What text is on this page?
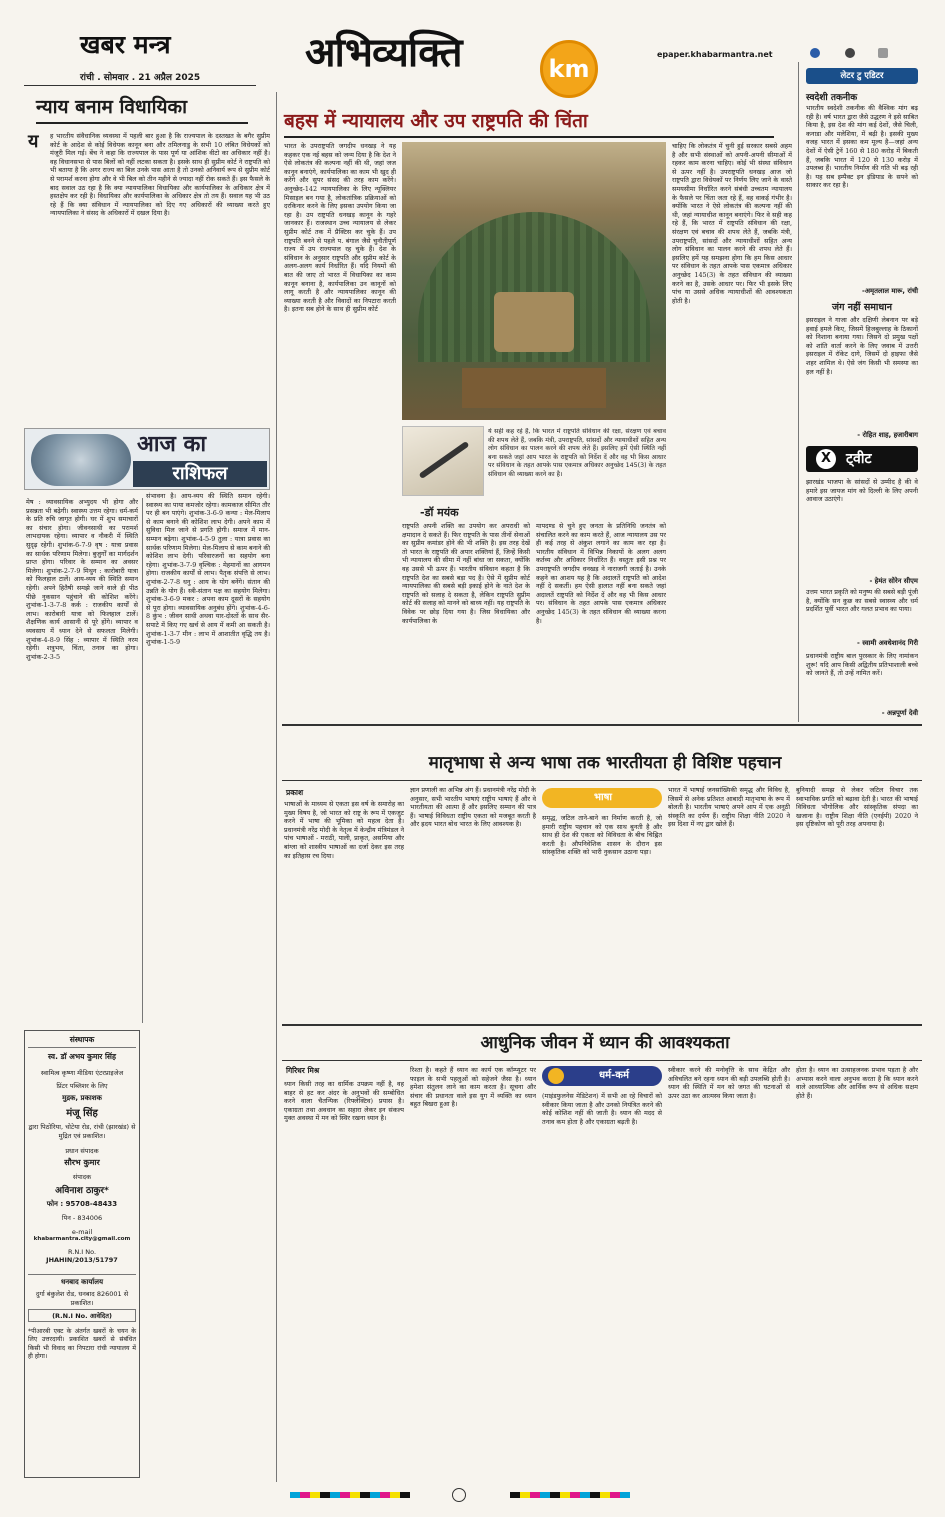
खबर मन्त्र
रांची . सोमवार . 21 अप्रैल 2025
अभिव्यक्ति	km
epaper.khabarmantra.net
न्याय बनाम विधायिका
य	ह भारतीय संवैधानिक व्यवस्था में पहली बार हुआ है कि राज्यपाल के दस्तखत के बगैर सुप्रीम कोर्ट के आदेश से कोई विधेयक कानून बना और तमिलनाडु के सभी 10 लंबित विधेयकों को मंजूरी मिल गई। बेंच ने कहा कि राज्यपाल के पास पूर्ण या आंशिक वीटो का अधिकार नहीं है। वह विधानसभा से पास बिलों को नहीं लटका सकता है। इसके साथ ही सुप्रीम कोर्ट ने राष्ट्रपति को भी बताया है कि अगर राज्य का बिल उनके पास आता है तो उनको अनिवार्य रूप से सुप्रीम कोर्ट से परामर्श करना होगा और वे भी बिल को तीन महीने से ज्यादा नहीं रोक सकते हैं। इस फैसले के बाद सवाल उठ रहा है कि क्या न्यायपालिका विधायिका और कार्यपालिका के अधिकार क्षेत्र में हस्तक्षेप कर रही है। विधायिका और कार्यपालिका के अधिकार क्षेत्र तो तय हैं। सवाल यह भी उठ रहे हैं कि क्या संविधान में न्यायपालिका को दिए गए अधिकारों की व्याख्या करते हुए न्यायपालिका ने संसद के अधिकारों में दखल दिया है।
आज का
राशिफल
मेष : व्यावसायिक अभ्युदय भी होगा और प्रसन्नता भी बढ़ेगी। स्वास्थ्य उत्तम रहेगा। धर्म-कर्म के प्रति रुचि जागृत होगी। घर में शुभ समाचारों का संचार होगा। जीवनसाथी का परामर्श लाभदायक रहेगा। व्यापार व नौकरी में स्थिति सुदृढ़ रहेगी। शुभांक-6-7-9 वृष : यात्रा प्रवास का सार्थक परिणाम मिलेगा। बुजुर्गों का मार्गदर्शन प्राप्त होगा। परिवार के सम्मान का अवसर मिलेगा। शुभांक-2-7-9 मिथुन : कारोबारी यात्रा को फिलहाल टालें। आय-व्यय की स्थिति समान रहेगी। अपने हितैषी समझे जाने वाले ही पीठ पीछे नुकसान पहुंचाने की कोशिश करेंगे। शुभांक-1-3-7-8 कर्क : राजकीय कार्यों से लाभ। कारोबारी यात्रा को फिलहाल टालें। शैक्षणिक कार्य आसानी से पूरे होंगे। व्यापार व व्यवसाय में ध्यान देने से सफलता मिलेगी। शुभांक-4-8-9 सिंह : व्यापार में स्थिति नरम रहेगी। शत्रुभय, चिंता, तनाव का होगा। शुभांक-2-3-5
संभावना है। आय-व्यय की स्थिति समान रहेगी। स्वास्थ्य का पाया कमजोर रहेगा। कामकाज सीमित तौर पर ही बन पाएंगे। शुभांक-3-6-9 कन्या : मेल-मिलाप से काम बनाने की कोशिश लाभ देगी। अपने काम में सुविधा मिल जाने से प्रगति होगी। समाज में मान-सम्मान बढ़ेगा। शुभांक-4-5-9 तुला : यात्रा प्रवास का सार्थक परिणाम मिलेगा। मेल-मिलाप से काम बनाने की कोशिश लाभ देगी। परिवारजनों का सहयोग बना रहेगा। शुभांक-3-7-9 वृश्चिक : मेहमानों का आगमन होगा। राजकीय कार्यों से लाभ। पैतृक संपत्ति से लाभ। शुभांक-2-7-8 धनु : आय के योग बनेंगे। संतान की उन्नति के योग हैं। स्त्री-संतान पक्ष का सहयोग मिलेगा। शुभांक-3-6-9 मकर : अपना काम दूसरों के सहयोग से पूरा होगा। व्यावसायिक अनुबंध होंगे। शुभांक-4-6-8 कुंभ : जीवन साथी अथवा यार-दोस्तों के साथ सैर-सपाटे में किए गए खर्च से आय में कमी आ सकती है। शुभांक-1-3-7 मीन : लाभ में आशातीत वृद्धि तय है। शुभांक-1-5-9
संस्थापक
स्व. डॉ अभय कुमार सिंह
स्वामित्व कृष्णा मीडिया एंटरप्राइजेज
प्रिंटर पब्लिशर के लिए
मुद्रक, प्रकाशक
मंजू सिंह
द्वारा पिठोरिया, चोटेया रोड, रांची (झारखंड) से मुद्रित एवं प्रकाशित।
प्रधान संपादक
सौरभ कुमार
संपादक
अविनाश ठाकुर*
फोन : 95708-48433
पिन - 834006
e-mail
khabarmantra.city@gmail.com
R.N.I No.
JHAHIN/2013/51797
धनबाद कार्यालय
दुर्गा बंकुलेश रोड, धनबाद 826001 से प्रकाशित।
(R.N.I No. आवेदित)
*पीआरबी एक्ट के अंतर्गत खबरों के चयन के लिए उत्तरदायी। प्रकाशित खबरों से संबंधित किसी भी विवाद का निपटारा रांची न्यायालय में ही होगा।
बहस में न्यायालय और उप राष्ट्रपति की चिंता
भारत के उपराष्ट्रपति जगदीप धनखड़ ने यह कहकर एक नई बहस को जन्म दिया है कि देश ने ऐसे लोकतंत्र की कल्पना नहीं की थी, जहां जज कानून बनाएंगे, कार्यपालिका का काम भी खुद ही करेंगे और सुपर संसद की तरह काम करेंगे। अनुच्छेद-142 न्यायपालिका के लिए न्यूक्लियर मिसाइल बन गया है, लोकतांत्रिक प्रक्रियाओं को दरकिनार करने के लिए इसका उपयोग किया जा रहा है। उप राष्ट्रपति धनखड़ कानून के गहरे जानकार हैं। राजस्थान उच्च न्यायालय से लेकर सुप्रीम कोर्ट तक में प्रैक्टिस कर चुके हैं। उप राष्ट्रपति बनने से पहले प. बंगाल जैसे चुनौतीपूर्ण राज्य में उप राज्यपाल रह चुके हैं। देश के संविधान के अनुसार राष्ट्रपति और सुप्रीम कोर्ट के अलग-अलग कार्य निर्धारित हैं। यदि नियमों की बात की जाए तो भारत में विधायिका का काम कानून बनाना है, कार्यपालिका उन कानूनों को लागू करती है और न्यायपालिका कानून की व्याख्या करती है और विवादों का निपटारा करती है। इतना सब होने के साथ ही सुप्रीम कोर्ट
-डॉ मयंक
ये सही कह रहे हैं, कि भारत में राष्ट्रपति संविधान की रक्षा, संरक्षण एवं बचाव की शपथ लेते हैं, जबकि मंत्री, उपराष्ट्रपति, सांसदों और न्यायाधीशों सहित अन्य लोग संविधान का पालन करने की शपथ लेते हैं। इसलिए हमें ऐसी स्थिति नहीं बना सकते जहां आप भारत के राष्ट्रपति को निर्देश दें और वह भी किस आधार पर संविधान के तहत आपके पास एकमात्र अधिकार अनुच्छेद 145(3) के तहत संविधान की व्याख्या करने का है।
राष्ट्रपति अपनी शक्ति का उपयोग कर अपराधी को क्षमादान दे सकते हैं। फिर राष्ट्रपति के पास तीनों सेनाओं का सुप्रीम कमांडर होने की भी शक्ति है। इस तरह देखें तो भारत के राष्ट्रपति की अपार शक्तियां हैं, जिन्हें किसी भी न्यायालय की सीमा में नहीं बांधा जा सकता, क्योंकि वह उससे भी ऊपर हैं। भारतीय संविधान कहता है कि राष्ट्रपति देश का सबसे बड़ा पद है। ऐसे में सुप्रीम कोर्ट न्यायपालिका की सबसे बड़ी इकाई होने के नाते देश के राष्ट्रपति को सलाह दे सकता है, लेकिन राष्ट्रपति सुप्रीम कोर्ट की सलाह को मानने को बाध्य नहीं। यह राष्ट्रपति के विवेक पर छोड़ दिया गया है। जिस विधायिका और कार्यपालिका के
मापदण्ड से चुने हुए जनता के प्रतिनिधि जनतंत्र को संचालित करने का काम करते हैं, आज न्यायालय उस पर ही कई तरह से अंकुश लगाने का काम कर रहा है। भारतीय संविधान में विभिन्न निकायों के अलग अलग कर्तव्य और अधिकार निर्धारित हैं। वस्तुतः इसी प्रश्न पर उपराष्ट्रपति जगदीप धनखड़ ने नाराजगी जताई है। उनके कहने का आशय यह है कि अदालतें राष्ट्रपति को आदेश नहीं दे सकतीं। हम ऐसी हालात नहीं बना सकते जहां अदालतें राष्ट्रपति को निर्देश दें और वह भी किस आधार पर। संविधान के तहत आपके पास एकमात्र अधिकार अनुच्छेद 145(3) के तहत संविधान की व्याख्या करना है।
चाहिए कि लोकतंत्र में चुनी हुई सरकार सबसे अहम है और सभी संस्थाओं को अपनी-अपनी सीमाओं में रहकर काम करना चाहिए। कोई भी संस्था संविधान से ऊपर नहीं है। उपराष्ट्रपति धनखड़ आज जो राष्ट्रपति द्वारा विधेयकों पर निर्णय लिए जाने के वास्ते समयसीमा निर्धारित करने संबंधी उच्चतम न्यायालय के फैसले पर चिंता जता रहे हैं, वह वाकई गंभीर है। क्योंकि भारत ने ऐसे लोकतंत्र की कल्पना नहीं की थी, जहां न्यायाधीश कानून बनाएंगे। फिर वे सही कह रहे हैं, कि भारत में राष्ट्रपति संविधान की रक्षा, संरक्षण एवं बचाव की शपथ लेते हैं, जबकि मंत्री, उपराष्ट्रपति, सांसदों और न्यायाधीशों सहित अन्य लोग संविधान का पालन करने की शपथ लेते हैं। इसलिए हमें यह समझना होगा कि हम किस आधार पर संविधान के तहत आपके पास एकमात्र अधिकार अनुच्छेद 145(3) के तहत संविधान की व्याख्या करने का है, उसके आधार पर। फिर भी इसके लिए पांच या उससे अधिक न्यायाधीशों की आवश्यकता होती है।
लेटर टु एडिटर
स्वदेशी तकनीक
भारतीय स्वदेशी तकनीक की वैश्विक मांग बढ़ रही है। वर्ष भारत द्वारा जैसे उद्धरण ने इसे साबित किया है, इस देश की मांग कई देशों, जैसे चिली, कनाडा और मलेशिया, में बढ़ी है। इसकी मुख्य वजह भारत में इसका कम मूल्य है—जहां अन्य देशों में ऐसी ट्रेनें 160 से 180 करोड़ में बिकती हैं, जबकि भारत में 120 से 130 करोड़ में उपलब्ध हैं। भारतीय निर्माण की गति भी बढ़ रही है। यह सब इम्पैक्ट इन इंडियाड के सपने को साकार कर रहा है।
-अमृतलाल मारू, रांची
जंग नहीं समाधान
इसराइल ने गाजा और दक्षिणी लेबनान पर बड़े हवाई हमले किए, जिसमें हिजबुल्लाह के ठिकानों को निशाना बनाया गया। जिसने दो प्रमुख पक्षों को शांति वार्ता करने के लिए जवाब में उत्तरी इसराइल में रॉकेट दागे, जिसमें दो हाइफा जैसे शहर शामिल थे। ऐसे जंग किसी भी समस्या का हल नहीं है।
- रोहित शाह, हजारीबाग
X	ट्वीट
झारखंड भाजपा के सांसदों से उम्मीद है की वे हमारे इस जायज मांग को दिल्ली के लिए अपनी आवाज उठाएंगे।
- हेमंत सोरेन सीएम
उत्तम भारत प्रकृति को मनुष्य की सबसे बड़ी पूंजी है, क्योंकि सन कुछ का सबसे स्वास्थ्य और धर्म प्रदर्शित पूर्वी भारत और गलत प्रभाव का पाया।
- स्वामी अवधेशानंद गिरी
प्रधानमंत्री राष्ट्रीय बाल पुरस्कार के लिए नामांकन शुरू! यदि आप किसी अद्वितीय प्रतिभाशाली बच्चे को जानते हैं, तो उन्हें नामित करें।
- अन्नपूर्णा देवी
मातृभाषा से अन्य भाषा तक भारतीयता ही विशिष्ट पहचान
प्रकाश
भाषाओं के माध्यम से एकता इस वर्ष के समारोह का मुख्य विषय है, जो भारत को राष्ट्र के रूप में एकजुट करने में भाषा की भूमिका को महत्व देता है। प्रधानमंत्री नरेंद्र मोदी के नेतृत्व में केन्द्रीय मंत्रिमंडल ने पांच भाषाओं - मराठी, पाली, प्राकृत, असमिया और बांग्ला को शास्त्रीय भाषाओं का दर्जा देकर इस तरह का इतिहास रच दिया।
ज्ञान प्रणाली का अभिन्न अंग हैं। प्रधानमंत्री नरेंद्र मोदी के अनुसार, सभी भारतीय भाषाएं राष्ट्रीय भाषाएं हैं और वे भारतीयता की आत्मा हैं और इसलिए सम्मान की पात्र हैं। भाषाई विविधता राष्ट्रीय एकता को मजबूत करती है और ह्रदय भारत बोध भारत के लिए आवश्यक है।
भाषा
समृद्ध, जटिल ताने-बाने का निर्माण करती है, जो हमारी राष्ट्रीय पहचान को एक साथ बुनती है और साथ ही देश की एकता को विविधता के बीच चिह्नित करती है। औपनिवेशिक शासन के दौरान इस सांस्कृतिक शक्ति को भारी नुकसान उठाना पड़ा।
भारत में भाषाई जनसांख्यिकी समृद्ध और विविध है, जिसमें से अनेक प्रतिशत आबादी मातृभाषा के रूप में बोलती है। भारतीय भाषाएं अपने आप में एक अनूठी संस्कृति का दर्पण हैं। राष्ट्रीय शिक्षा नीति 2020 ने इस दिशा में नए द्वार खोले हैं।
बुनियादी समझ से लेकर जटिल विचार तक स्वाभाविक प्रगति को बढ़ावा देती है। भारत की भाषाई विविधता भौगोलिक और सांस्कृतिक संपदा का खजाना है। राष्ट्रीय शिक्षा नीति (एनईपी) 2020 ने इस दृष्टिकोण को पूरी तरह अपनाया है।
आधुनिक जीवन में ध्यान की आवश्यकता
गिरिधर मिश्र
ध्यान किसी तरह का धार्मिक उपक्रम नहीं है, वह बाहर से हट कर अंदर के अनुभवों की सम्बोधित करने वाला चैतन्यिक (रिफ्लेक्टिव) प्रयास है। एकाग्रता तथा अवधान का सहारा लेकर इन संकल्प मुक्त अवस्था में मन को स्थिर रखना ध्यान है।
रिश्ता है। कहते हैं ध्यान का कार्य एक कॉम्प्युटर पर फाइल के सभी पहलुओं को सहेजने जैसा है। ध्यान हमेशा संतुलन लाने का काम करता है। सूचना और संचार की प्रधानता वाले इस युग में व्यक्ति का ध्यान बहुत बिखरा हुआ है।
धर्म-कर्म
(माइंडफुलनेस मेडिटेशन) में सभी आ रहे विचारों को स्वीकार किया जाता है और उनको नियंत्रित करने की कोई कोशिश नहीं की जाती है। ध्यान की मदद से तनाव कम होता है और एकाग्रता बढ़ती है।
स्वीकार करने की मनोवृत्ति के साथ केंद्रित और अविचलित बने रहना ध्यान की बड़ी उपलब्धि होती है। ध्यान की स्थिति में मन को जगत की घटनाओं से ऊपर उठा कर आत्मस्थ किया जाता है।
होता है। ध्यान का उत्साहजनक प्रभाव पड़ता है और अभ्यास करने वाला अनुभव करता है कि ध्यान करने वाले आध्यात्मिक और आर्थिक रूप से अधिक सक्षम होते हैं।
